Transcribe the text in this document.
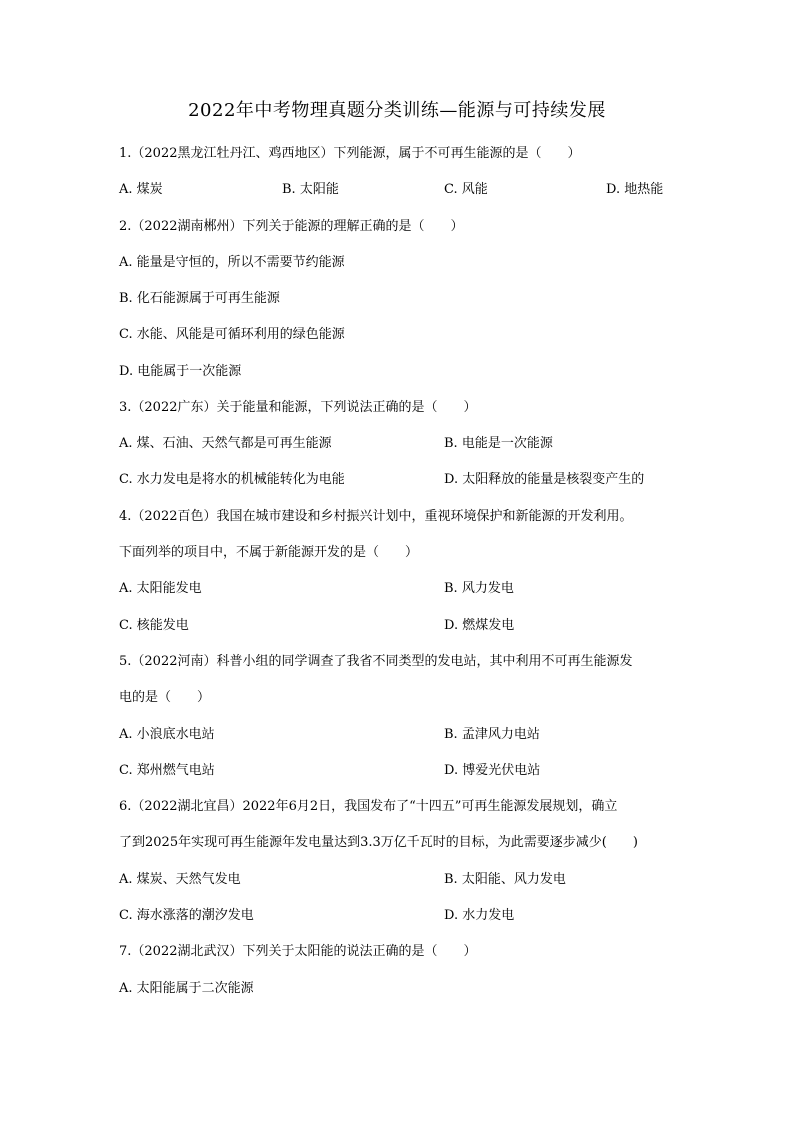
2022年中考物理真题分类训练—能源与可持续发展
1.（2022黑龙江牡丹江、鸡西地区）下列能源，属于不可再生能源的是（　　）
A. 煤炭	B. 太阳能	C. 风能	D. 地热能
2.（2022湖南郴州）下列关于能源的理解正确的是（　　）
A. 能量是守恒的，所以不需要节约能源
B. 化石能源属于可再生能源
C. 水能、风能是可循环利用的绿色能源
D. 电能属于一次能源
3.（2022广东）关于能量和能源，下列说法正确的是（　　）
A. 煤、石油、天然气都是可再生能源	B. 电能是一次能源
C. 水力发电是将水的机械能转化为电能	D. 太阳释放的能量是核裂变产生的
4.（2022百色）我国在城市建设和乡村振兴计划中，重视环境保护和新能源的开发利用。
下面列举的项目中，不属于新能源开发的是（　　）
A. 太阳能发电	B. 风力发电
C. 核能发电	D. 燃煤发电
5.（2022河南）科普小组的同学调查了我省不同类型的发电站，其中利用不可再生能源发
电的是（　　）
A. 小浪底水电站	B. 孟津风力电站
C. 郑州燃气电站	D. 博爱光伏电站
6.（2022湖北宜昌）2022年6月2日，我国发布了“十四五”可再生能源发展规划，确立
了到2025年实现可再生能源年发电量达到3.3万亿千瓦时的目标，为此需要逐步减少(　　)
A. 煤炭、天然气发电	B. 太阳能、风力发电
C. 海水涨落的潮汐发电	D. 水力发电
7.（2022湖北武汉）下列关于太阳能的说法正确的是（　　）
A. 太阳能属于二次能源
